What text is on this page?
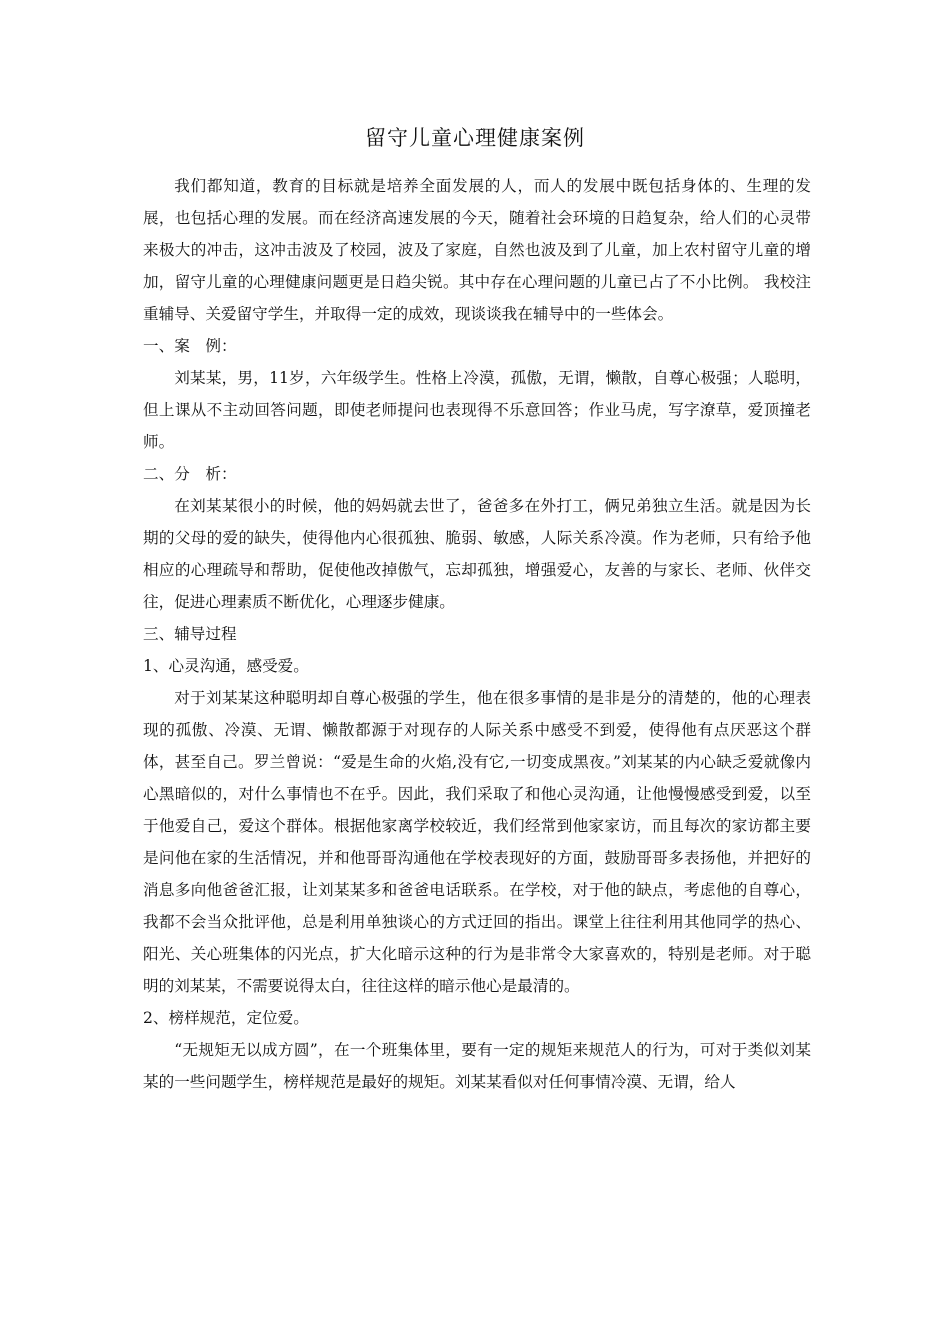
留守儿童心理健康案例

我们都知道，教育的目标就是培养全面发展的人，而人的发展中既包括身体的、生理的发展，也包括心理的发展。而在经济高速发展的今天，随着社会环境的日趋复杂，给人们的心灵带来极大的冲击，这冲击波及了校园，波及了家庭，自然也波及到了儿童，加上农村留守儿童的增加，留守儿童的心理健康问题更是日趋尖锐。其中存在心理问题的儿童已占了不小比例。 我校注重辅导、关爱留守学生，并取得一定的成效，现谈谈我在辅导中的一些体会。

一、案　例：

刘某某，男，11岁，六年级学生。性格上冷漠，孤傲，无谓，懒散，自尊心极强；人聪明，但上课从不主动回答问题，即使老师提问也表现得不乐意回答；作业马虎，写字潦草，爱顶撞老师。

二、分　析：

在刘某某很小的时候，他的妈妈就去世了，爸爸多在外打工，俩兄弟独立生活。就是因为长期的父母的爱的缺失，使得他内心很孤独、脆弱、敏感，人际关系冷漠。作为老师，只有给予他相应的心理疏导和帮助，促使他改掉傲气，忘却孤独，增强爱心，友善的与家长、老师、伙伴交往，促进心理素质不断优化，心理逐步健康。

三、辅导过程

1、心灵沟通，感受爱。

对于刘某某这种聪明却自尊心极强的学生，他在很多事情的是非是分的清楚的，他的心理表现的孤傲、冷漠、无谓、懒散都源于对现存的人际关系中感受不到爱，使得他有点厌恶这个群体，甚至自己。罗兰曾说：“爱是生命的火焰,没有它,一切变成黑夜。”刘某某的内心缺乏爱就像内心黑暗似的，对什么事情也不在乎。因此，我们采取了和他心灵沟通，让他慢慢感受到爱，以至于他爱自己，爱这个群体。根据他家离学校较近，我们经常到他家家访，而且每次的家访都主要是问他在家的生活情况，并和他哥哥沟通他在学校表现好的方面，鼓励哥哥多表扬他，并把好的消息多向他爸爸汇报，让刘某某多和爸爸电话联系。在学校，对于他的缺点，考虑他的自尊心，我都不会当众批评他，总是利用单独谈心的方式迂回的指出。课堂上往往利用其他同学的热心、阳光、关心班集体的闪光点，扩大化暗示这种的行为是非常令大家喜欢的，特别是老师。对于聪明的刘某某，不需要说得太白，往往这样的暗示他心是最清的。

2、榜样规范，定位爱。

“无规矩无以成方圆”，在一个班集体里，要有一定的规矩来规范人的行为，可对于类似刘某某的一些问题学生，榜样规范是最好的规矩。刘某某看似对任何事情冷漠、无谓，给人
